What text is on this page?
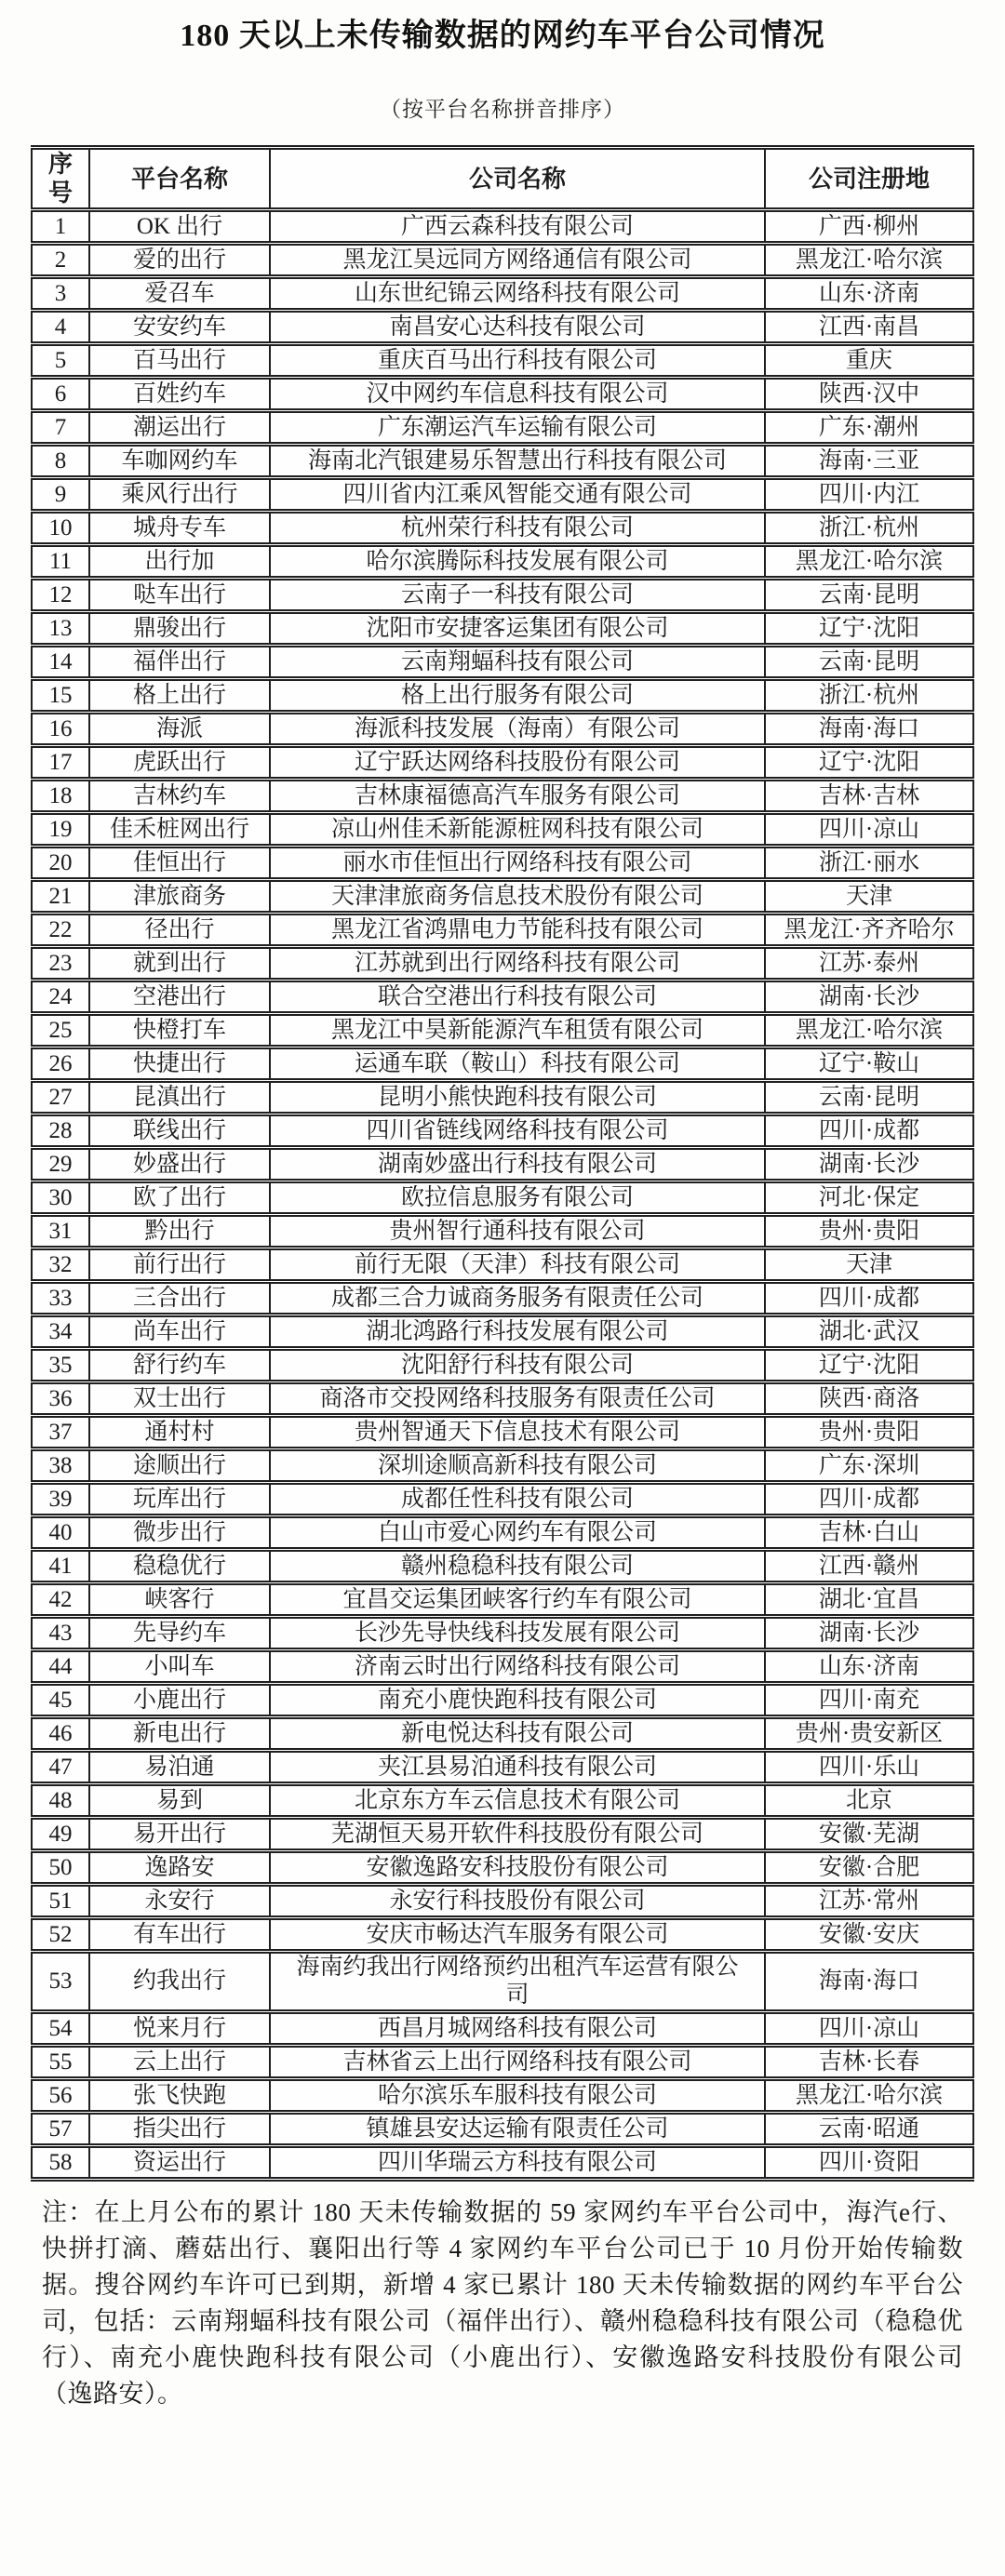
180 天以上未传输数据的网约车平台公司情况
（按平台名称拼音排序）
序号	平台名称	公司名称	公司注册地
1	OK 出行	广西云森科技有限公司	广西·柳州
2	爱的出行	黑龙江昊远同方网络通信有限公司	黑龙江·哈尔滨
3	爱召车	山东世纪锦云网络科技有限公司	山东·济南
4	安安约车	南昌安心达科技有限公司	江西·南昌
5	百马出行	重庆百马出行科技有限公司	重庆
6	百姓约车	汉中网约车信息科技有限公司	陕西·汉中
7	潮运出行	广东潮运汽车运输有限公司	广东·潮州
8	车咖网约车	海南北汽银建易乐智慧出行科技有限公司	海南·三亚
9	乘风行出行	四川省内江乘风智能交通有限公司	四川·内江
10	城舟专车	杭州荣行科技有限公司	浙江·杭州
11	出行加	哈尔滨腾际科技发展有限公司	黑龙江·哈尔滨
12	哒车出行	云南子一科技有限公司	云南·昆明
13	鼎骏出行	沈阳市安捷客运集团有限公司	辽宁·沈阳
14	福伴出行	云南翔蝠科技有限公司	云南·昆明
15	格上出行	格上出行服务有限公司	浙江·杭州
16	海派	海派科技发展（海南）有限公司	海南·海口
17	虎跃出行	辽宁跃达网络科技股份有限公司	辽宁·沈阳
18	吉林约车	吉林康福德高汽车服务有限公司	吉林·吉林
19	佳禾桩网出行	凉山州佳禾新能源桩网科技有限公司	四川·凉山
20	佳恒出行	丽水市佳恒出行网络科技有限公司	浙江·丽水
21	津旅商务	天津津旅商务信息技术股份有限公司	天津
22	径出行	黑龙江省鸿鼎电力节能科技有限公司	黑龙江·齐齐哈尔
23	就到出行	江苏就到出行网络科技有限公司	江苏·泰州
24	空港出行	联合空港出行科技有限公司	湖南·长沙
25	快橙打车	黑龙江中昊新能源汽车租赁有限公司	黑龙江·哈尔滨
26	快捷出行	运通车联（鞍山）科技有限公司	辽宁·鞍山
27	昆滇出行	昆明小熊快跑科技有限公司	云南·昆明
28	联线出行	四川省链线网络科技有限公司	四川·成都
29	妙盛出行	湖南妙盛出行科技有限公司	湖南·长沙
30	欧了出行	欧拉信息服务有限公司	河北·保定
31	黔出行	贵州智行通科技有限公司	贵州·贵阳
32	前行出行	前行无限（天津）科技有限公司	天津
33	三合出行	成都三合力诚商务服务有限责任公司	四川·成都
34	尚车出行	湖北鸿路行科技发展有限公司	湖北·武汉
35	舒行约车	沈阳舒行科技有限公司	辽宁·沈阳
36	双士出行	商洛市交投网络科技服务有限责任公司	陕西·商洛
37	通村村	贵州智通天下信息技术有限公司	贵州·贵阳
38	途顺出行	深圳途顺高新科技有限公司	广东·深圳
39	玩库出行	成都任性科技有限公司	四川·成都
40	微步出行	白山市爱心网约车有限公司	吉林·白山
41	稳稳优行	赣州稳稳科技有限公司	江西·赣州
42	峡客行	宜昌交运集团峡客行约车有限公司	湖北·宜昌
43	先导约车	长沙先导快线科技发展有限公司	湖南·长沙
44	小叫车	济南云时出行网络科技有限公司	山东·济南
45	小鹿出行	南充小鹿快跑科技有限公司	四川·南充
46	新电出行	新电悦达科技有限公司	贵州·贵安新区
47	易泊通	夹江县易泊通科技有限公司	四川·乐山
48	易到	北京东方车云信息技术有限公司	北京
49	易开出行	芜湖恒天易开软件科技股份有限公司	安徽·芜湖
50	逸路安	安徽逸路安科技股份有限公司	安徽·合肥
51	永安行	永安行科技股份有限公司	江苏·常州
52	有车出行	安庆市畅达汽车服务有限公司	安徽·安庆
53	约我出行	海南约我出行网络预约出租汽车运营有限公司	海南·海口
54	悦来月行	西昌月城网络科技有限公司	四川·凉山
55	云上出行	吉林省云上出行网络科技有限公司	吉林·长春
56	张飞快跑	哈尔滨乐车服科技有限公司	黑龙江·哈尔滨
57	指尖出行	镇雄县安达运输有限责任公司	云南·昭通
58	资运出行	四川华瑞云方科技有限公司	四川·资阳
注：在上月公布的累计 180 天未传输数据的 59 家网约车平台公司中，海汽e行、快拼打滴、蘑菇出行、襄阳出行等 4 家网约车平台公司已于 10 月份开始传输数据。搜谷网约车许可已到期，新增 4 家已累计 180 天未传输数据的网约车平台公司，包括：云南翔蝠科技有限公司（福伴出行）、赣州稳稳科技有限公司（稳稳优行）、南充小鹿快跑科技有限公司（小鹿出行）、安徽逸路安科技股份有限公司（逸路安）。
